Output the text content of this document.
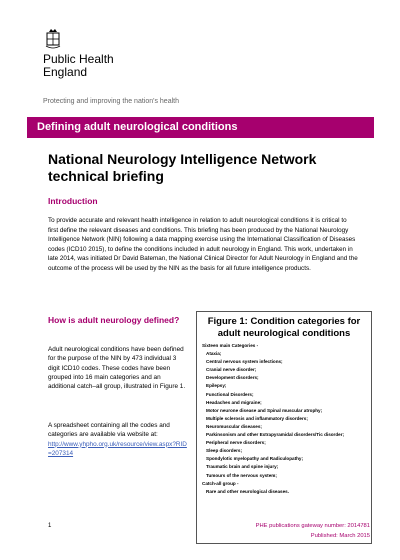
Public Health
England
Protecting and improving the nation's health
Defining adult neurological conditions
National Neurology Intelligence Network technical briefing
Introduction

To provide accurate and relevant health intelligence in relation to adult neurological conditions it is critical to first define the relevant diseases and conditions. This briefing has been produced by the National Neurology Intelligence Network (NIN) following a data mapping exercise using the International Classification of Diseases codes (ICD10 2015), to define the conditions included in adult neurology in England. This work, undertaken in late 2014, was initiated Dr David Bateman, the National Clinical Director for Adult Neurology in England and the outcome of the process will be used by the NIN as the basis for all future intelligence products.

How is adult neurology defined?

Adult neurological conditions have been defined for the purpose of the NIN by 473 individual 3 digit ICD10 codes. These codes have been grouped into 16 main categories and an additional catch–all group, illustrated in Figure 1.

A spreadsheet containing all the codes and categories are available via website at:
http://www.yhpho.org.uk/resource/view.aspx?RID=207314

Figure 1: Condition categories for adult neurological conditions
Sixteen main Categories -
Ataxia;
Central nervous system infections;
Cranial nerve disorder;
Development disorders;
Epilepsy;
Functional Disorders;
Headaches and migraine;
Motor neurone disease and Spinal muscular atrophy;
Multiple sclerosis and inflammatory disorders;
Neuromuscular diseases;
Parkinsonism and other Extrapyramidal disorders/Tic disorder;
Peripheral nerve disorders;
Sleep disorders;
Spondylotic myelopathy and Radiculopathy;
Traumatic brain and spine injury;
Tumours of the nervous system;
Catch-all group -
Rare and other neurological diseases.
1	PHE publications gateway number: 2014781
Published: March 2015
